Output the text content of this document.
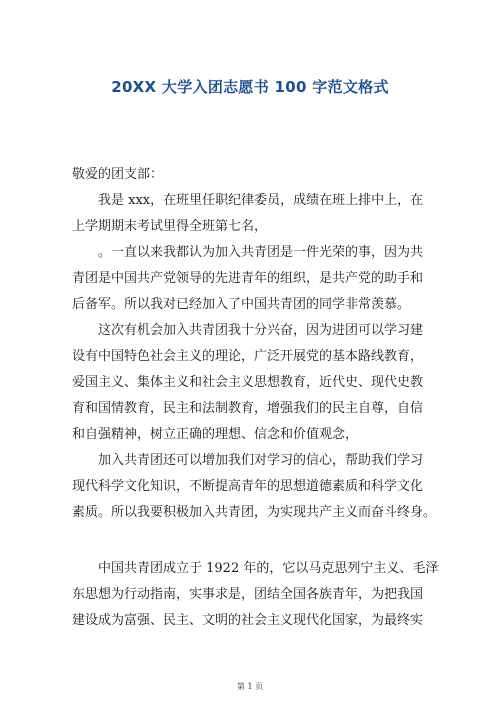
20XX 大学入团志愿书 100 字范文格式
敬爱的团支部：
　　我是 xxx，在班里任职纪律委员，成绩在班上排中上，在
上学期期末考试里得全班第七名，
　　。一直以来我都认为加入共青团是一件光荣的事，因为共
青团是中国共产党领导的先进青年的组织，是共产党的助手和
后备军。所以我对已经加入了中国共青团的同学非常羡慕。
　　这次有机会加入共青团我十分兴奋，因为进团可以学习建
设有中国特色社会主义的理论，广泛开展党的基本路线教育，
爱国主义、集体主义和社会主义思想教育，近代史、现代史教
育和国情教育，民主和法制教育，增强我们的民主自尊，自信
和自强精神，树立正确的理想、信念和价值观念，
　　加入共青团还可以增加我们对学习的信心，帮助我们学习
现代科学文化知识，不断提高青年的思想道德素质和科学文化
素质。所以我要积极加入共青团，为实现共产主义而奋斗终身。
　　中国共青团成立于 1922 年的，它以马克思列宁主义、毛泽
东思想为行动指南，实事求是，团结全国各族青年，为把我国
建设成为富强、民主、文明的社会主义现代化国家，为最终实
第 1 页
